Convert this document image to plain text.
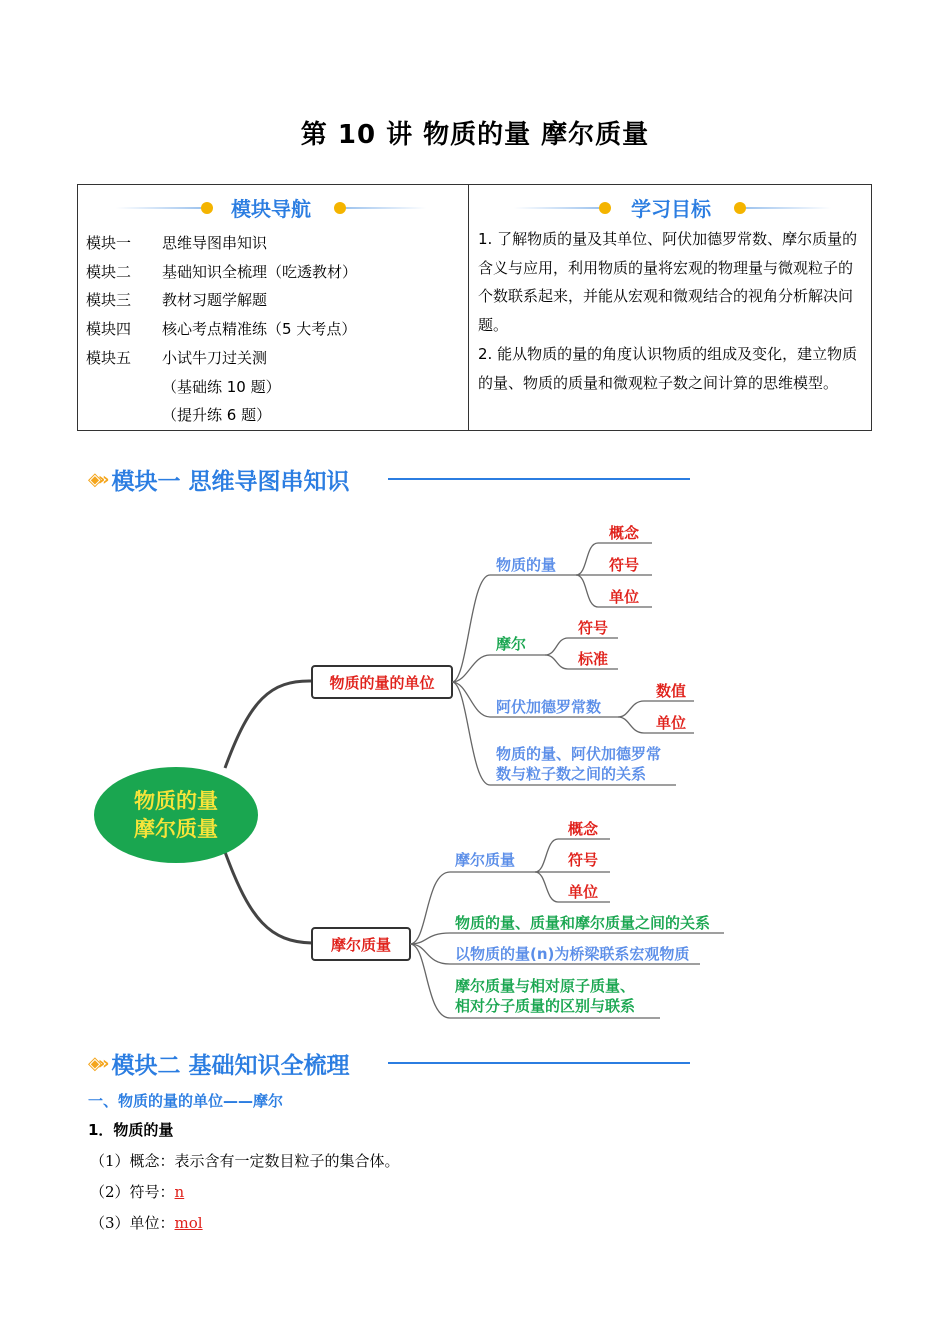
第 10 讲 物质的量 摩尔质量
模块导航
模块一	思维导图串知识
模块二	基础知识全梳理（吃透教材）
模块三	教材习题学解题
模块四	核心考点精准练（5 大考点）
模块五	小试牛刀过关测
（基础练 10 题）
（提升练 6 题）
学习目标

1. 了解物质的量及其单位、阿伏加德罗常数、摩尔质量的含义与应用，利用物质的量将宏观的物理量与微观粒子的个数联系起来，并能从宏观和微观结合的视角分析解决问题。

2. 能从物质的量的角度认识物质的组成及变化，建立物质的量、物质的质量和微观粒子数之间计算的思维模型。

◈» 模块一 思维导图串知识
物质的量
摩尔质量
物质的量的单位
物质的量
概念
符号
单位
摩尔
符号
标准
阿伏加德罗常数
数值
单位
物质的量、阿伏加德罗常
数与粒子数之间的关系
摩尔质量
摩尔质量
概念
符号
单位
物质的量、质量和摩尔质量之间的关系
以物质的量(n)为桥梁联系宏观物质
摩尔质量与相对原子质量、
相对分子质量的区别与联系
◈» 模块二 基础知识全梳理
一、物质的量的单位——摩尔
1．物质的量
（1）概念：表示含有一定数目粒子的集合体。
（2）符号：n
（3）单位：mol
